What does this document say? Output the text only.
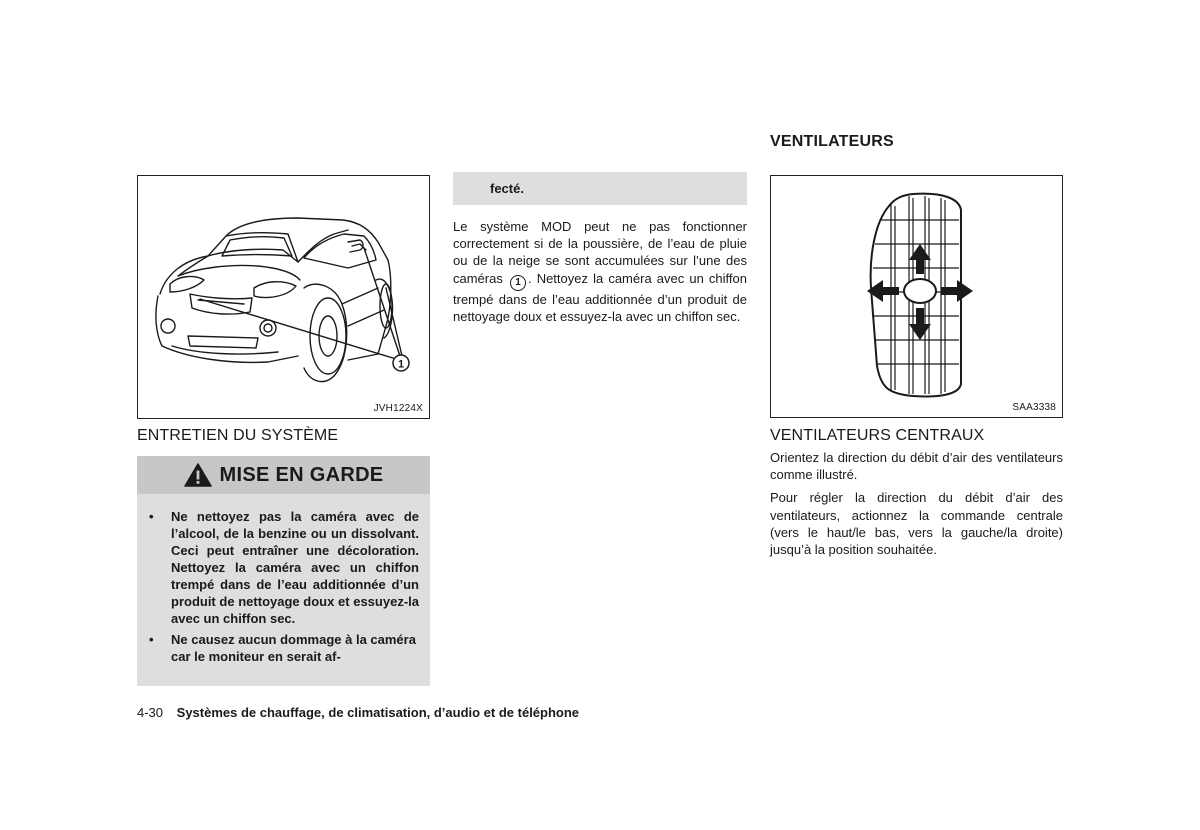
VENTILATEURS
1
JVH1224X
ENTRETIEN DU SYSTÈME
MISE EN GARDE
• Ne nettoyez pas la caméra avec de l’alcool, de la benzine ou un dissolvant. Ceci peut entraîner une décoloration. Nettoyez la caméra avec un chiffon trempé dans de l’eau additionnée d’un produit de nettoyage doux et essuyez-la avec un chiffon sec.
• Ne causez aucun dommage à la caméra car le moniteur en serait af-
fecté.

Le système MOD peut ne pas fonctionner correctement si de la poussière, de l’eau de pluie ou de la neige se sont accumulées sur l’une des caméras 1 . Nettoyez la caméra avec un chiffon trempé dans de l’eau additionnée d’un produit de nettoyage doux et essuyez-la avec un chiffon sec.

SAA3338
VENTILATEURS CENTRAUX

Orientez la direction du débit d’air des ventilateurs comme illustré.

Pour régler la direction du débit d’air des ventilateurs, actionnez la commande centrale (vers le haut/le bas, vers la gauche/la droite) jusqu’à la position souhaitée.

4-30 Systèmes de chauffage, de climatisation, d’audio et de téléphone
